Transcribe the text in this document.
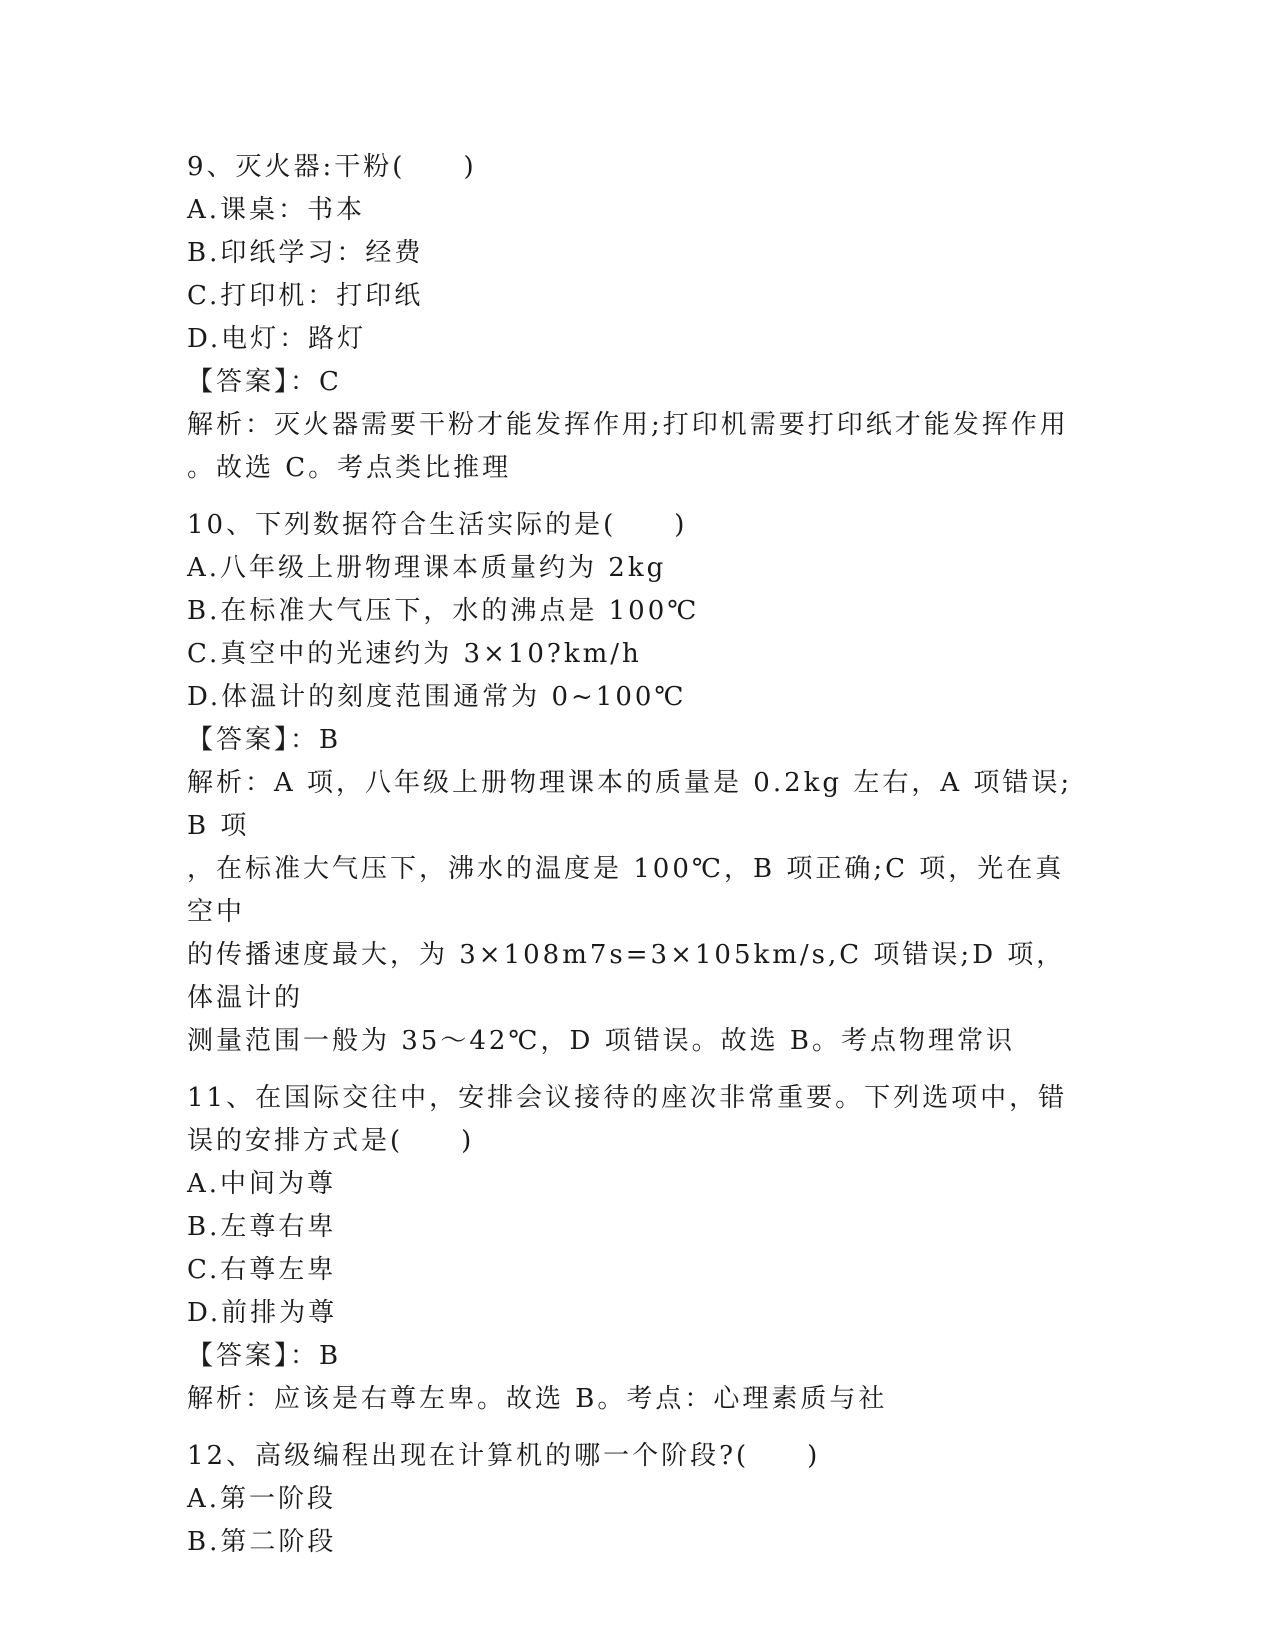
9、灭火器:干粉(　　)

A.课桌：书本

B.印纸学习：经费

C.打印机：打印纸

D.电灯：路灯

【答案】：C

解析：灭火器需要干粉才能发挥作用;打印机需要打印纸才能发挥作用

。故选 C。考点类比推理

10、下列数据符合生活实际的是(　　)

A.八年级上册物理课本质量约为 2kg

B.在标准大气压下，水的沸点是 100℃

C.真空中的光速约为 3×10?km/h

D.体温计的刻度范围通常为 0~100℃

【答案】：B

解析：A 项，八年级上册物理课本的质量是 0.2kg 左右，A 项错误;B 项

，在标准大气压下，沸水的温度是 100℃，B 项正确;C 项，光在真空中

的传播速度最大，为 3×108m7s=3×105km/s,C 项错误;D 项，体温计的

测量范围一般为 35～42℃，D 项错误。故选 B。考点物理常识

11、在国际交往中，安排会议接待的座次非常重要。下列选项中，错

误的安排方式是(　　)

A.中间为尊

B.左尊右卑

C.右尊左卑

D.前排为尊

【答案】：B

解析：应该是右尊左卑。故选 B。考点：心理素质与社

12、高级编程出现在计算机的哪一个阶段?(　　)

A.第一阶段

B.第二阶段
